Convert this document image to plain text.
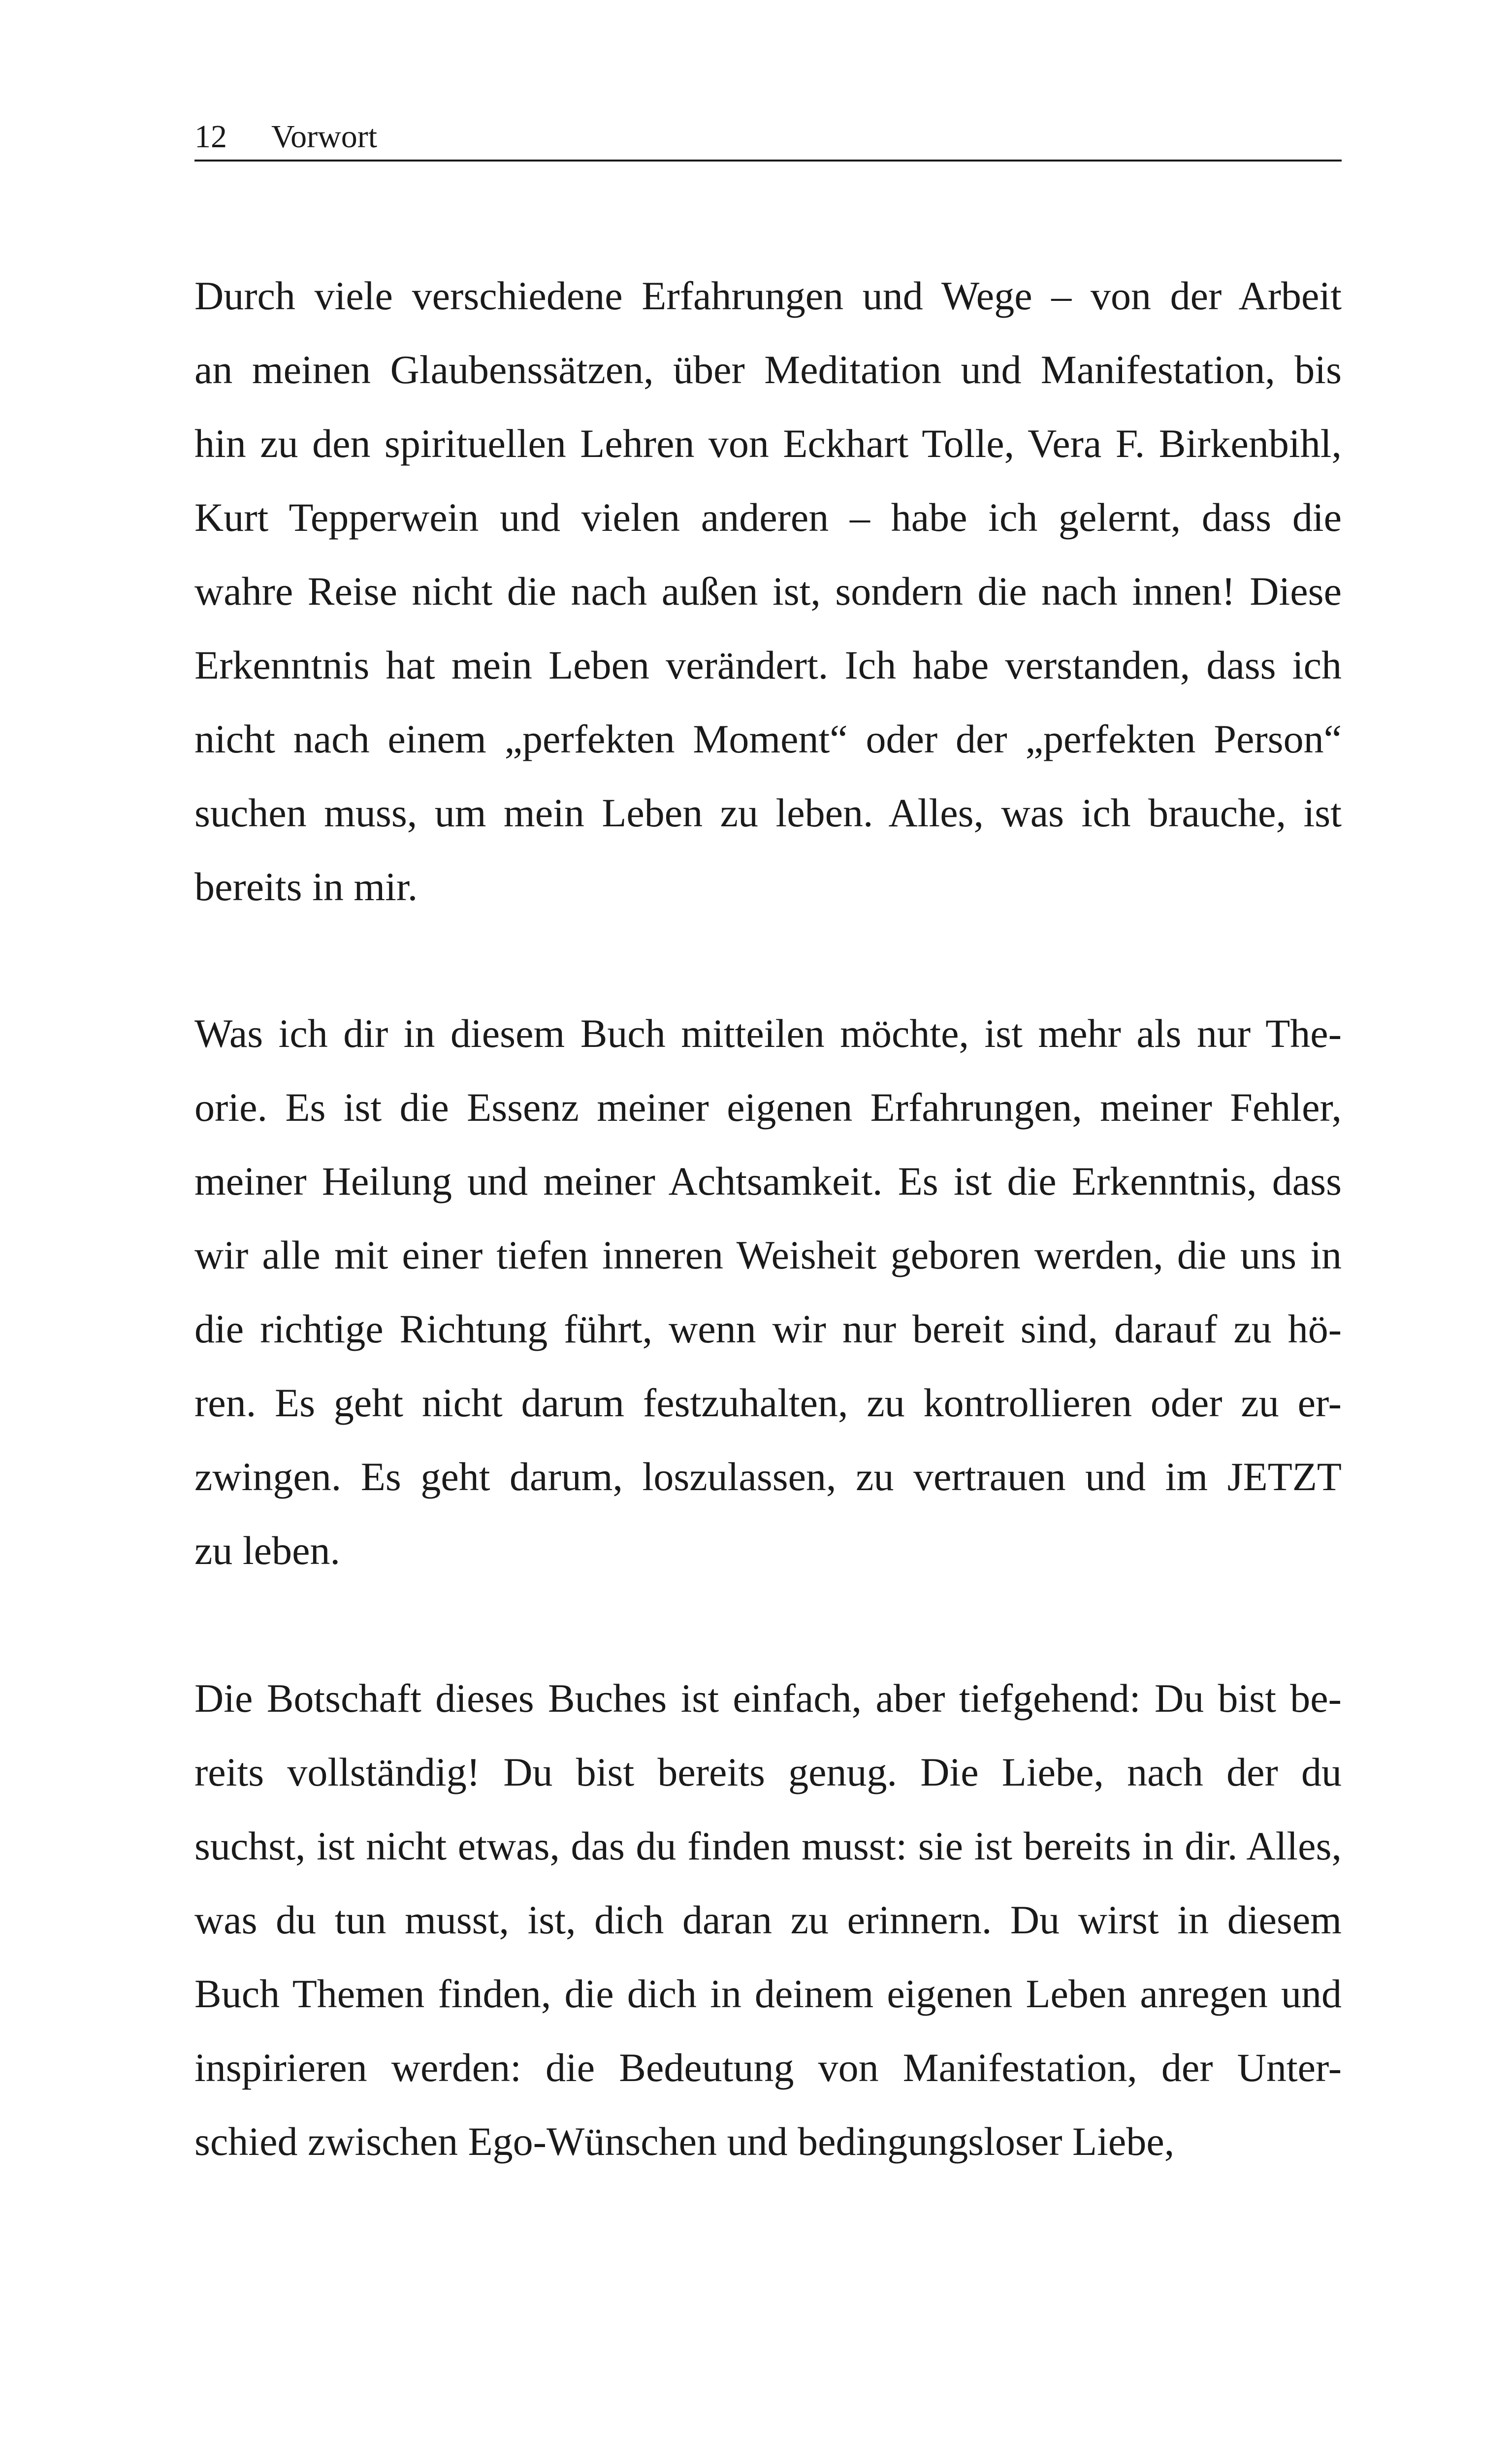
12 Vorwort
Durch viele verschiedene Erfahrungen und Wege – von der Arbeit
an meinen Glaubenssätzen, über Meditation und Manifestation, bis
hin zu den spirituellen Lehren von Eckhart Tolle, Vera F. Birkenbihl,
Kurt Tepperwein und vielen anderen – habe ich gelernt, dass die
wahre Reise nicht die nach außen ist, sondern die nach innen! Diese
Erkenntnis hat mein Leben verändert. Ich habe verstanden, dass ich
nicht nach einem „perfekten Moment“ oder der „perfekten Person“
suchen muss, um mein Leben zu leben. Alles, was ich brauche, ist
bereits in mir.
Was ich dir in diesem Buch mitteilen möchte, ist mehr als nur The-
orie. Es ist die Essenz meiner eigenen Erfahrungen, meiner Fehler,
meiner Heilung und meiner Achtsamkeit. Es ist die Erkenntnis, dass
wir alle mit einer tiefen inneren Weisheit geboren werden, die uns in
die richtige Richtung führt, wenn wir nur bereit sind, darauf zu hö-
ren. Es geht nicht darum festzuhalten, zu kontrollieren oder zu er-
zwingen. Es geht darum, loszulassen, zu vertrauen und im JETZT
zu leben.
Die Botschaft dieses Buches ist einfach, aber tiefgehend: Du bist be-
reits vollständig! Du bist bereits genug. Die Liebe, nach der du
suchst, ist nicht etwas, das du finden musst: sie ist bereits in dir. Alles,
was du tun musst, ist, dich daran zu erinnern. Du wirst in diesem
Buch Themen finden, die dich in deinem eigenen Leben anregen und
inspirieren werden: die Bedeutung von Manifestation, der Unter-
schied zwischen Ego-Wünschen und bedingungsloser Liebe,
